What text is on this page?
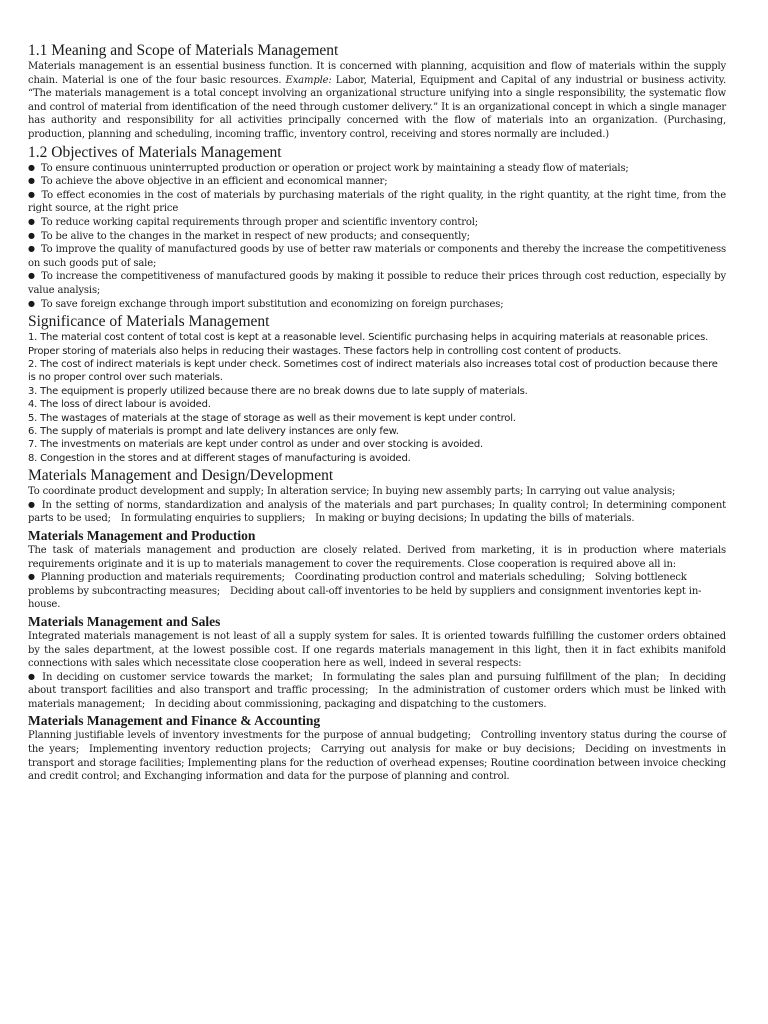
1.1 Meaning and Scope of Materials Management

Materials management is an essential business function. It is concerned with planning, acquisition and flow of materials within the supply chain. Material is one of the four basic resources. Example: Labor, Material, Equipment and Capital of any industrial or business activity. “The materials management is a total concept involving an organizational structure unifying into a single responsibility, the systematic flow and control of material from identification of the need through customer delivery.” It is an organizational concept in which a single manager has authority and responsibility for all activities principally concerned with the flow of materials into an organization. (Purchasing, production, planning and scheduling, incoming traffic, inventory control, receiving and stores normally are included.)

1.2 Objectives of Materials Management

● To ensure continuous uninterrupted production or operation or project work by maintaining a steady flow of materials;

● To achieve the above objective in an efficient and economical manner;

● To effect economies in the cost of materials by purchasing materials of the right quality, in the right quantity, at the right time, from the right source, at the right price

● To reduce working capital requirements through proper and scientific inventory control;

● To be alive to the changes in the market in respect of new products; and consequently;

● To improve the quality of manufactured goods by use of better raw materials or components and thereby the increase the competitiveness on such goods put of sale;

● To increase the competitiveness of manufactured goods by making it possible to reduce their prices through cost reduction, especially by value analysis;

● To save foreign exchange through import substitution and economizing on foreign purchases;

Significance of Materials Management

1. The material cost content of total cost is kept at a reasonable level. Scientific purchasing helps in acquiring materials at reasonable prices. Proper storing of materials also helps in reducing their wastages. These factors help in controlling cost content of products.

2. The cost of indirect materials is kept under check. Sometimes cost of indirect materials also increases total cost of production because there is no proper control over such materials.

3. The equipment is properly utilized because there are no break downs due to late supply of materials.

4. The loss of direct labour is avoided.

5. The wastages of materials at the stage of storage as well as their movement is kept under control.

6. The supply of materials is prompt and late delivery instances are only few.

7. The investments on materials are kept under control as under and over stocking is avoided.

8. Congestion in the stores and at different stages of manufacturing is avoided.

Materials Management and Design/Development

To coordinate product development and supply; In alteration service; In buying new assembly parts; In carrying out value analysis;

● In the setting of norms, standardization and analysis of the materials and part purchases; In quality control; In determining component parts to be used; In formulating enquiries to suppliers; In making or buying decisions; In updating the bills of materials.

Materials Management and Production

The task of materials management and production are closely related. Derived from marketing, it is in production where materials requirements originate and it is up to materials management to cover the requirements. Close cooperation is required above all in:

● Planning production and materials requirements; Coordinating production control and materials scheduling; Solving bottleneck problems by subcontracting measures; Deciding about call-off inventories to be held by suppliers and consignment inventories kept in-house.

Materials Management and Sales

Integrated materials management is not least of all a supply system for sales. It is oriented towards fulfilling the customer orders obtained by the sales department, at the lowest possible cost. If one regards materials management in this light, then it in fact exhibits manifold connections with sales which necessitate close cooperation here as well, indeed in several respects:

● In deciding on customer service towards the market; In formulating the sales plan and pursuing fulfillment of the plan; In deciding about transport facilities and also transport and traffic processing; In the administration of customer orders which must be linked with materials management; In deciding about commissioning, packaging and dispatching to the customers.

Materials Management and Finance & Accounting

Planning justifiable levels of inventory investments for the purpose of annual budgeting; Controlling inventory status during the course of the years; Implementing inventory reduction projects; Carrying out analysis for make or buy decisions; Deciding on investments in transport and storage facilities; Implementing plans for the reduction of overhead expenses; Routine coordination between invoice checking and credit control; and Exchanging information and data for the purpose of planning and control.
